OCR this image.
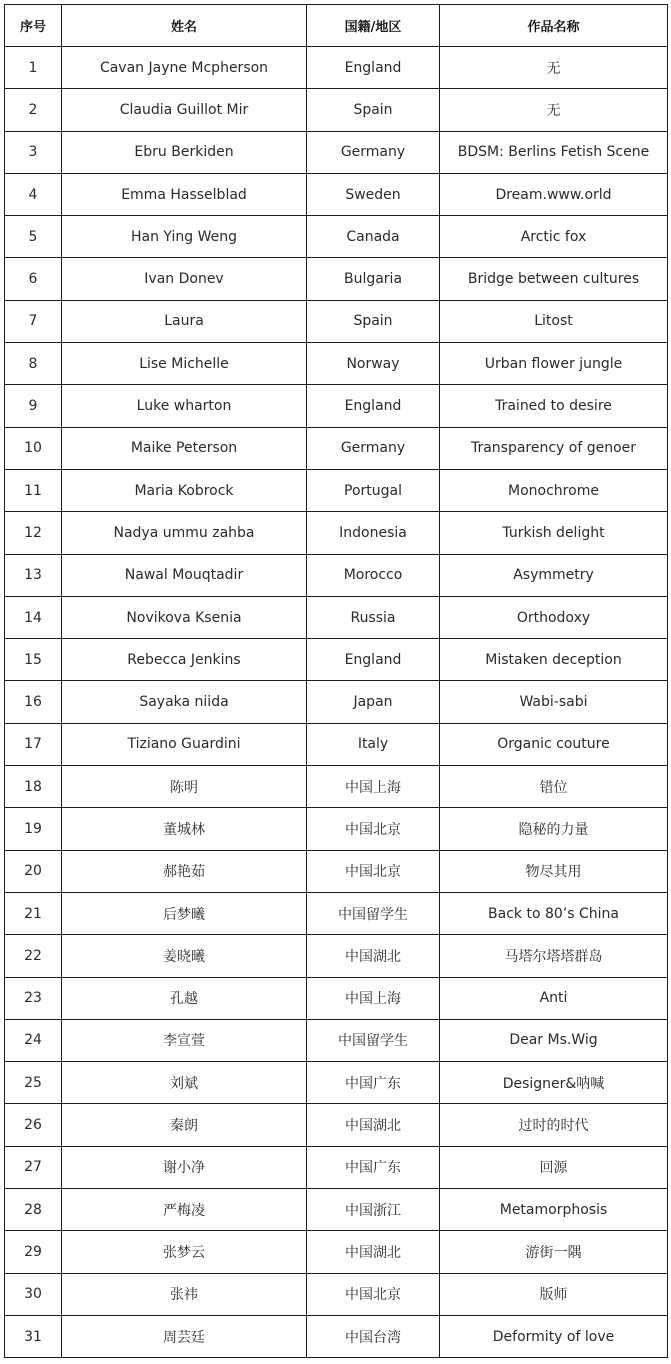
序号	姓名	国籍/地区	作品名称
1	Cavan Jayne Mcpherson	England	无
2	Claudia Guillot Mir	Spain	无
3	Ebru Berkiden	Germany	BDSM: Berlins Fetish Scene
4	Emma Hasselblad	Sweden	Dream.www.orld
5	Han Ying Weng	Canada	Arctic fox
6	Ivan Donev	Bulgaria	Bridge between cultures
7	Laura	Spain	Litost
8	Lise Michelle	Norway	Urban flower jungle
9	Luke wharton	England	Trained to desire
10	Maike Peterson	Germany	Transparency of genoer
11	Maria Kobrock	Portugal	Monochrome
12	Nadya ummu zahba	Indonesia	Turkish delight
13	Nawal Mouqtadir	Morocco	Asymmetry
14	Novikova Ksenia	Russia	Orthodoxy
15	Rebecca Jenkins	England	Mistaken deception
16	Sayaka niida	Japan	Wabi-sabi
17	Tiziano Guardini	Italy	Organic couture
18	陈明	中国上海	错位
19	董城林	中国北京	隐秘的力量
20	郝艳茹	中国北京	物尽其用
21	后梦曦	中国留学生	Back to 80’s China
22	姜晓曦	中国湖北	马塔尔塔塔群岛
23	孔越	中国上海	Anti
24	李宣萱	中国留学生	Dear Ms.Wig
25	刘斌	中国广东	Designer&呐喊
26	秦朗	中国湖北	过时的时代
27	谢小净	中国广东	回源
28	严梅凌	中国浙江	Metamorphosis
29	张梦云	中国湖北	游街一隅
30	张祎	中国北京	版师
31	周芸廷	中国台湾	Deformity of love
